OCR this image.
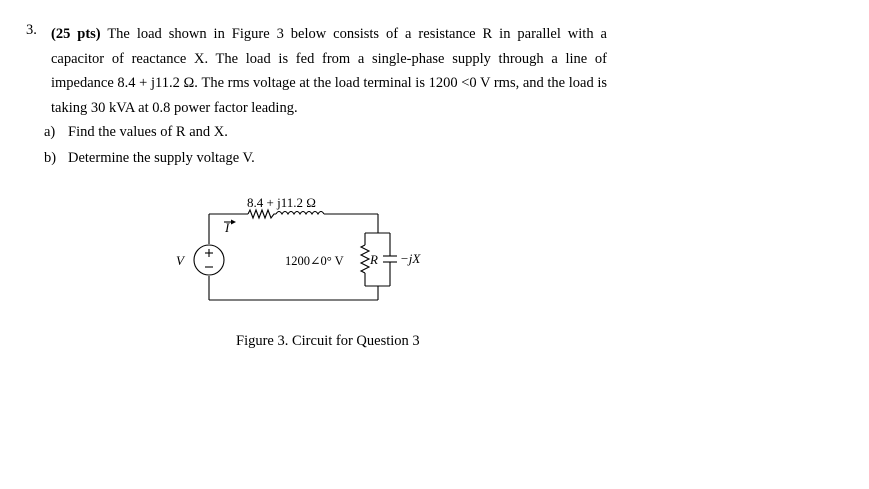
3. (25 pts) The load shown in Figure 3 below consists of a resistance R in parallel with a capacitor of reactance X. The load is fed from a single-phase supply through a line of impedance 8.4 + j11.2 Ω. The rms voltage at the load terminal is 1200 <0 V rms, and the load is taking 30 kVA at 0.8 power factor leading.
a) Find the values of R and X.
b) Determine the supply voltage V.
8.4 + j11.2 Ω
I
V	1200∠0° V R −jX
Figure 3. Circuit for Question 3
